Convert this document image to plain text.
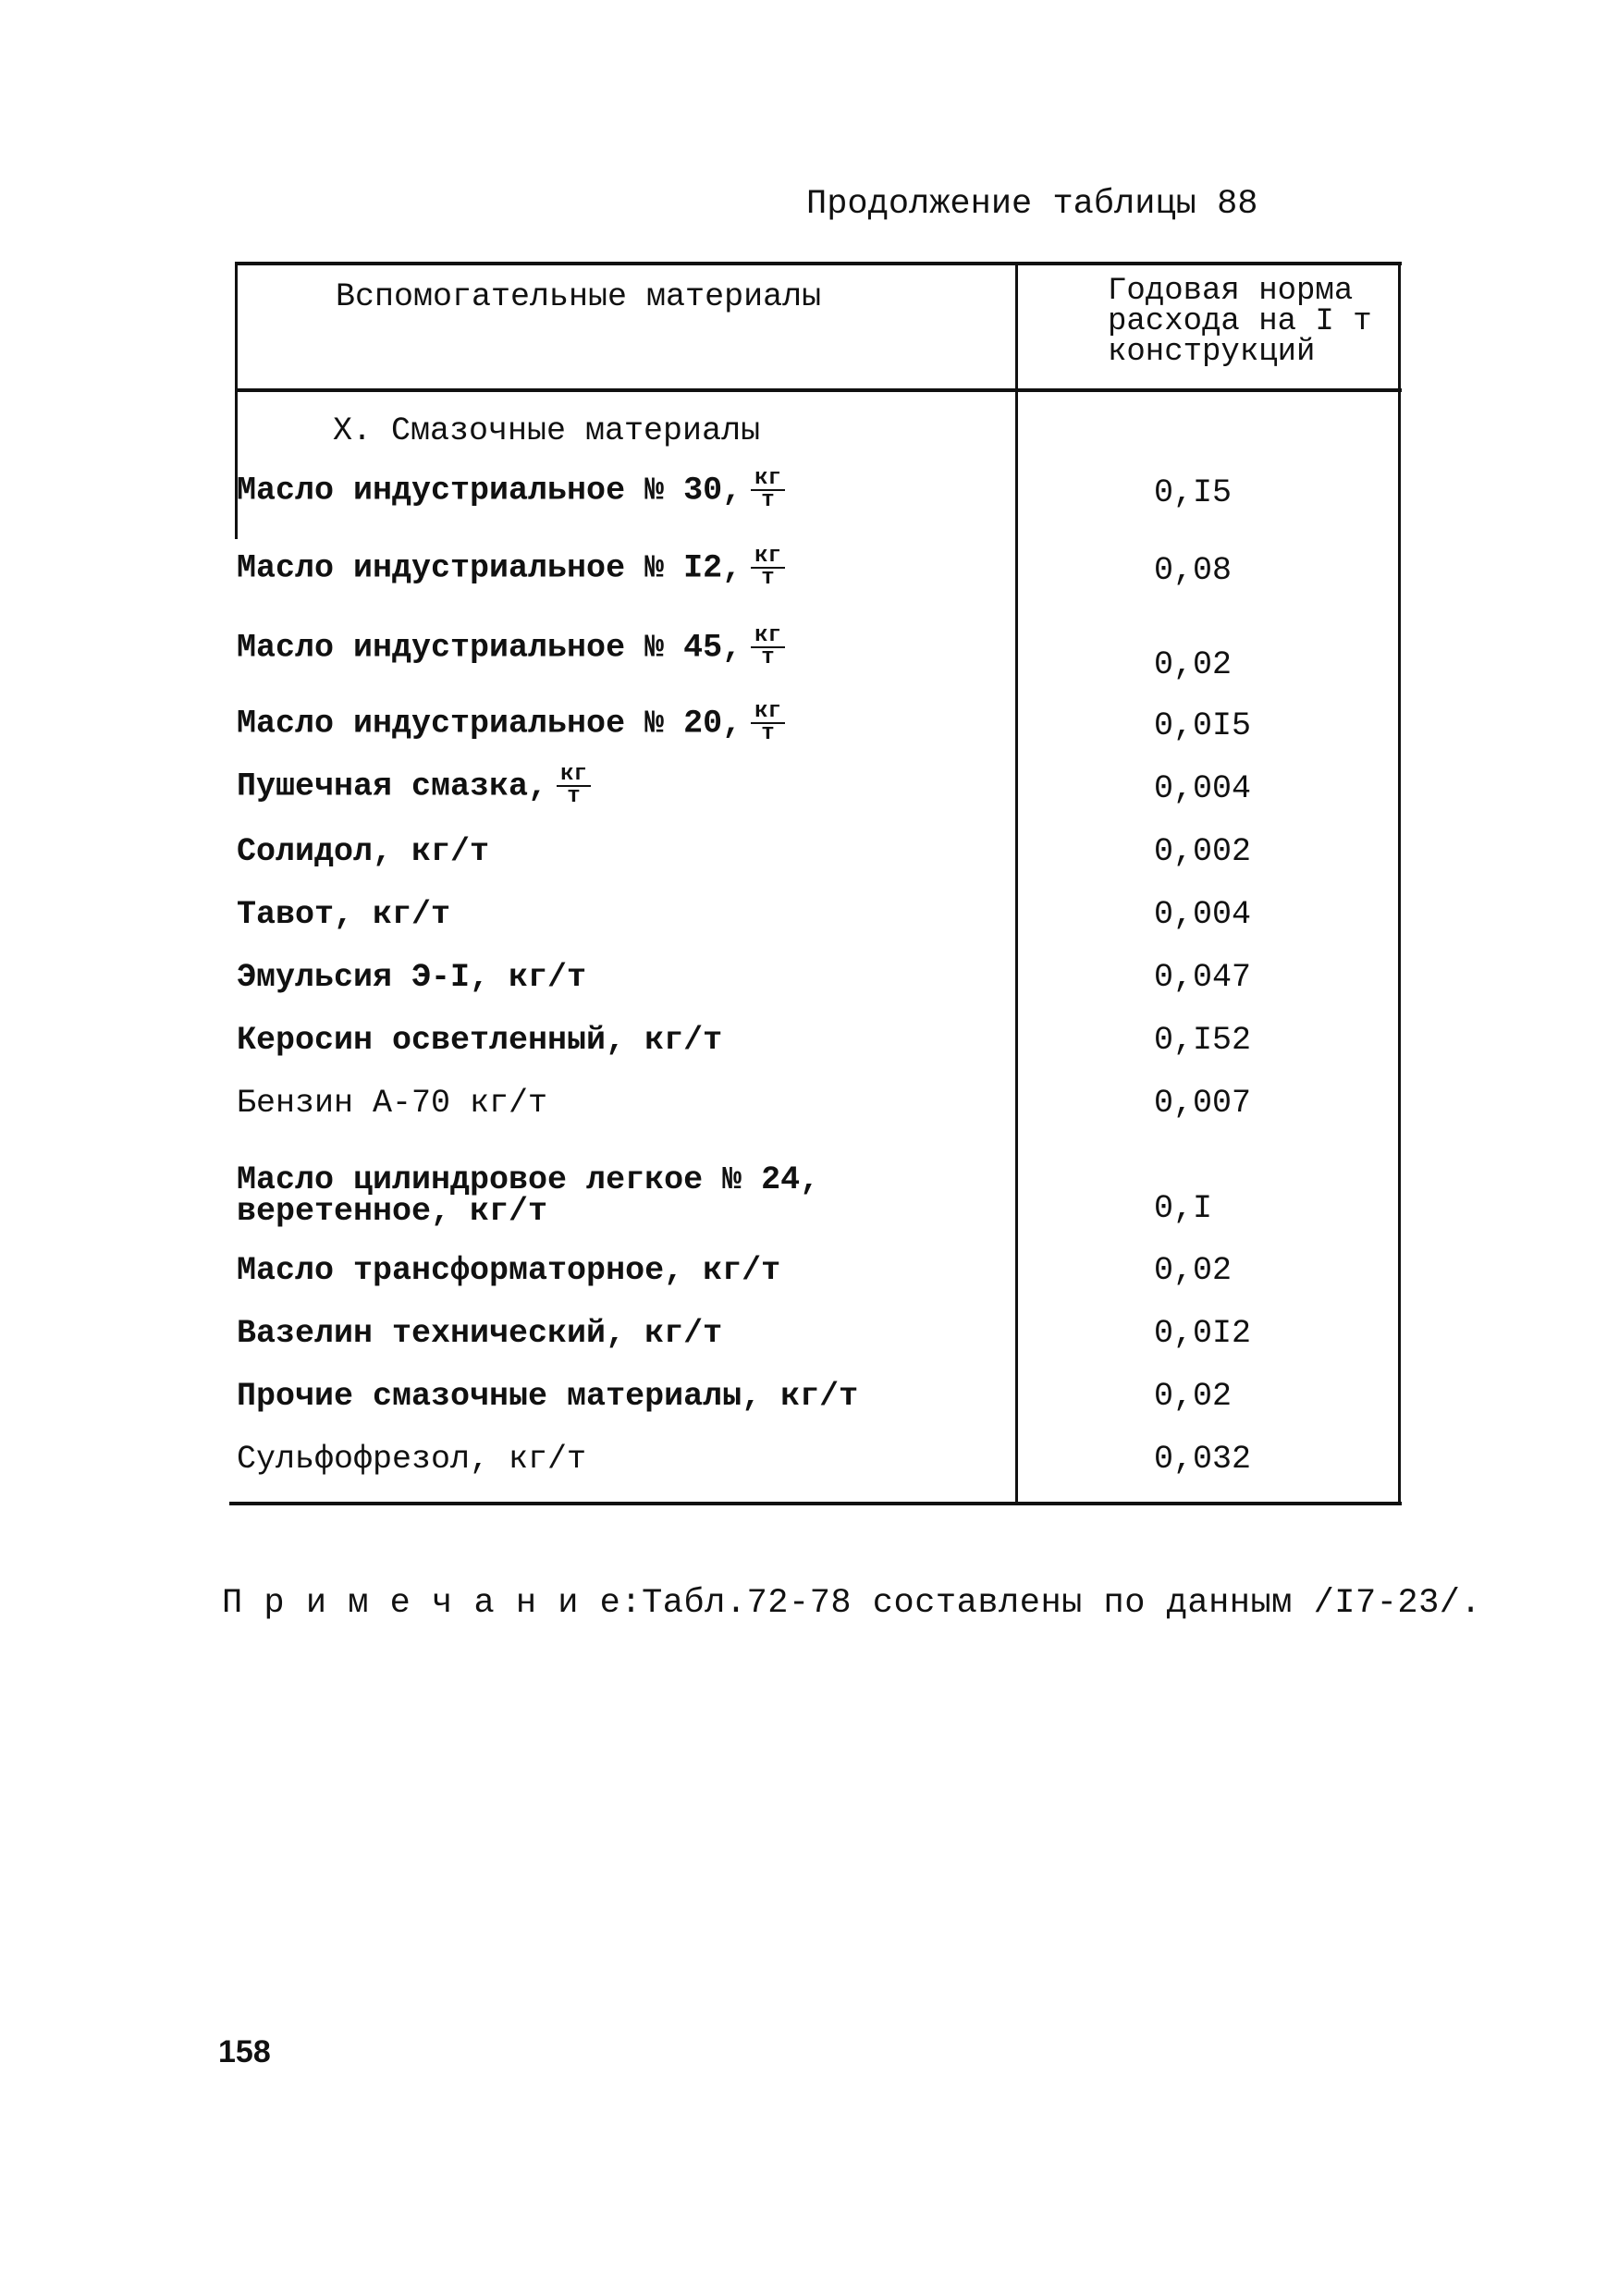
Продолжение таблицы 88
Вспомогательные материалы	Годовая норма
расхода на I т
конструкций
X. Смазочные материалы
Масло индустриальное № 30, $\frac{кг}{т}$	0,I5
Масло индустриальное № I2, $\frac{кг}{т}$	0,08
Масло индустриальное № 45, $\frac{кг}{т}$	0,02
Масло индустриальное № 20, $\frac{кг}{т}$	0,0I5
Пушечная смазка, $\frac{кг}{т}$	0,004
Солидол, кг/т	0,002
Тавот, кг/т	0,004
Эмульсия Э-I, кг/т	0,047
Керосин осветленный, кг/т	0,I52
Бензин А-70 кг/т	0,007
Масло цилиндровое легкое № 24,
веретенное, кг/т	0,I
Масло трансформаторное, кг/т	0,02
Вазелин технический, кг/т	0,0I2
Прочие смазочные материалы, кг/т	0,02
Сульфофрезол, кг/т	0,032
П р и м е ч а н и е:Табл.72-78 составлены по данным /I7-23/.
158
